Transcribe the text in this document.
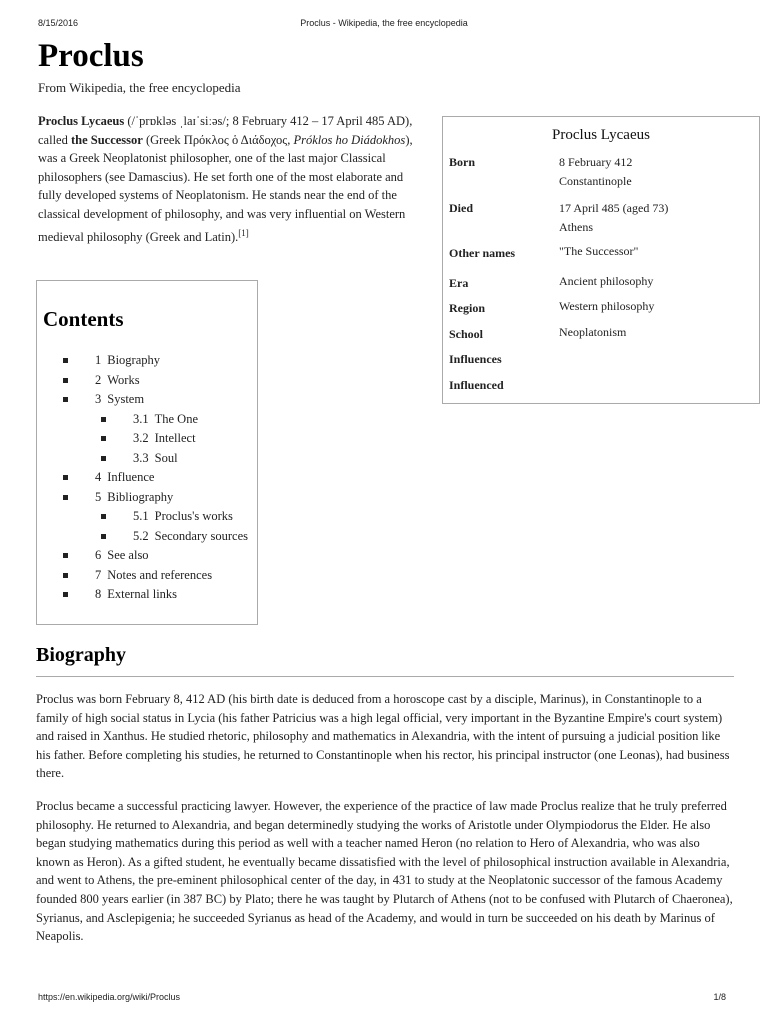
8/15/2016	Proclus - Wikipedia, the free encyclopedia
Proclus
From Wikipedia, the free encyclopedia
Proclus Lycaeus (/ˈprɒkləs ˌlaɪˈsiːəs/; 8 February 412 – 17 April 485 AD), called the Successor (Greek Πρόκλος ὁ Διάδοχος, Próklos ho Diádokhos), was a Greek Neoplatonist philosopher, one of the last major Classical philosophers (see Damascius). He set forth one of the most elaborate and fully developed systems of Neoplatonism. He stands near the end of the classical development of philosophy, and was very influential on Western medieval philosophy (Greek and Latin).[1]
Proclus Lycaeus
Born	8 February 412
Constantinople
Died	17 April 485 (aged 73)
Athens
Other names	"The Successor"
Era	Ancient philosophy
Region	Western philosophy
School	Neoplatonism
Influences
Influenced
Contents
1 Biography
2 Works
3 System
3.1 The One
3.2 Intellect
3.3 Soul
4 Influence
5 Bibliography
5.1 Proclus's works
5.2 Secondary sources
6 See also
7 Notes and references
8 External links
Biography

Proclus was born February 8, 412 AD (his birth date is deduced from a horoscope cast by a disciple, Marinus), in Constantinople to a family of high social status in Lycia (his father Patricius was a high legal official, very important in the Byzantine Empire's court system) and raised in Xanthus. He studied rhetoric, philosophy and mathematics in Alexandria, with the intent of pursuing a judicial position like his father. Before completing his studies, he returned to Constantinople when his rector, his principal instructor (one Leonas), had business there.

Proclus became a successful practicing lawyer. However, the experience of the practice of law made Proclus realize that he truly preferred philosophy. He returned to Alexandria, and began determinedly studying the works of Aristotle under Olympiodorus the Elder. He also began studying mathematics during this period as well with a teacher named Heron (no relation to Hero of Alexandria, who was also known as Heron). As a gifted student, he eventually became dissatisfied with the level of philosophical instruction available in Alexandria, and went to Athens, the pre-eminent philosophical center of the day, in 431 to study at the Neoplatonic successor of the famous Academy founded 800 years earlier (in 387 BC) by Plato; there he was taught by Plutarch of Athens (not to be confused with Plutarch of Chaeronea), Syrianus, and Asclepigenia; he succeeded Syrianus as head of the Academy, and would in turn be succeeded on his death by Marinus of Neapolis.

https://en.wikipedia.org/wiki/Proclus	1/8
